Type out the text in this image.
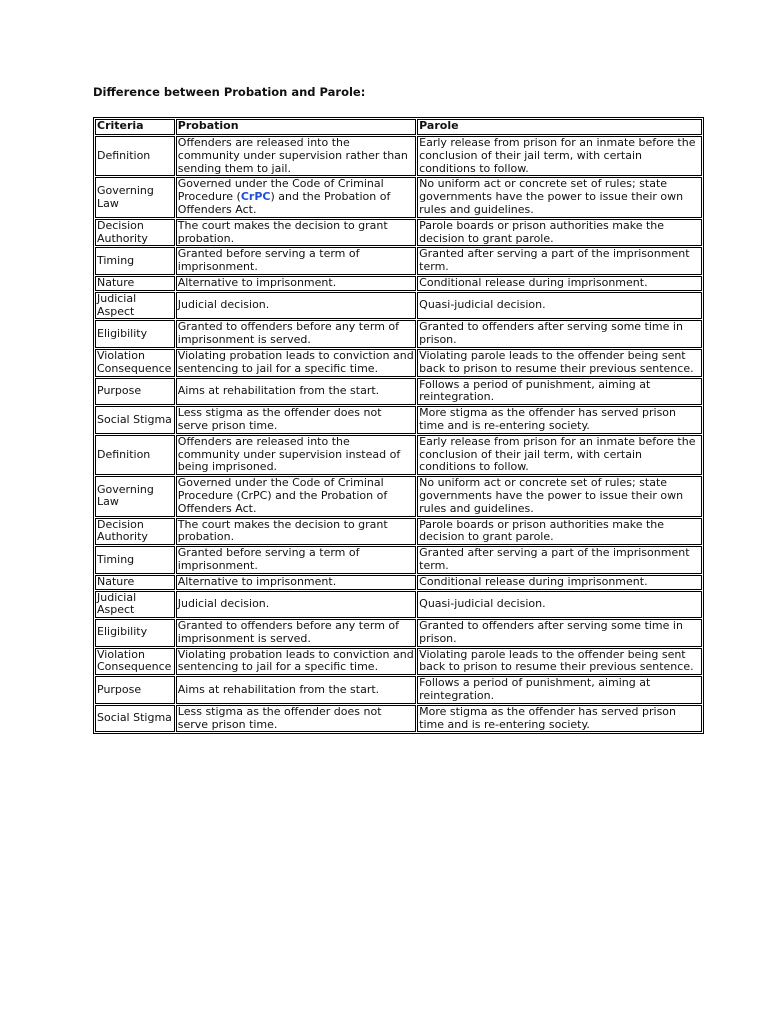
Difference between Probation and Parole:
Criteria	Probation	Parole
Definition	Offenders are released into the community under supervision rather than sending them to jail.	Early release from prison for an inmate before the conclusion of their jail term, with certain conditions to follow.
Governing Law	Governed under the Code of Criminal Procedure (CrPC) and the Probation of Offenders Act.	No uniform act or concrete set of rules; state governments have the power to issue their own rules and guidelines.
Decision Authority	The court makes the decision to grant probation.	Parole boards or prison authorities make the decision to grant parole.
Timing	Granted before serving a term of imprisonment.	Granted after serving a part of the imprisonment term.
Nature	Alternative to imprisonment.	Conditional release during imprisonment.
Judicial Aspect	Judicial decision.	Quasi-judicial decision.
Eligibility	Granted to offenders before any term of imprisonment is served.	Granted to offenders after serving some time in prison.
Violation Consequence	Violating probation leads to conviction and sentencing to jail for a specific time.	Violating parole leads to the offender being sent back to prison to resume their previous sentence.
Purpose	Aims at rehabilitation from the start.	Follows a period of punishment, aiming at reintegration.
Social Stigma	Less stigma as the offender does not serve prison time.	More stigma as the offender has served prison time and is re-entering society.
Definition	Offenders are released into the community under supervision instead of being imprisoned.	Early release from prison for an inmate before the conclusion of their jail term, with certain conditions to follow.
Governing Law	Governed under the Code of Criminal Procedure (CrPC) and the Probation of Offenders Act.	No uniform act or concrete set of rules; state governments have the power to issue their own rules and guidelines.
Decision Authority	The court makes the decision to grant probation.	Parole boards or prison authorities make the decision to grant parole.
Timing	Granted before serving a term of imprisonment.	Granted after serving a part of the imprisonment term.
Nature	Alternative to imprisonment.	Conditional release during imprisonment.
Judicial Aspect	Judicial decision.	Quasi-judicial decision.
Eligibility	Granted to offenders before any term of imprisonment is served.	Granted to offenders after serving some time in prison.
Violation Consequence	Violating probation leads to conviction and sentencing to jail for a specific time.	Violating parole leads to the offender being sent back to prison to resume their previous sentence.
Purpose	Aims at rehabilitation from the start.	Follows a period of punishment, aiming at reintegration.
Social Stigma	Less stigma as the offender does not serve prison time.	More stigma as the offender has served prison time and is re-entering society.
